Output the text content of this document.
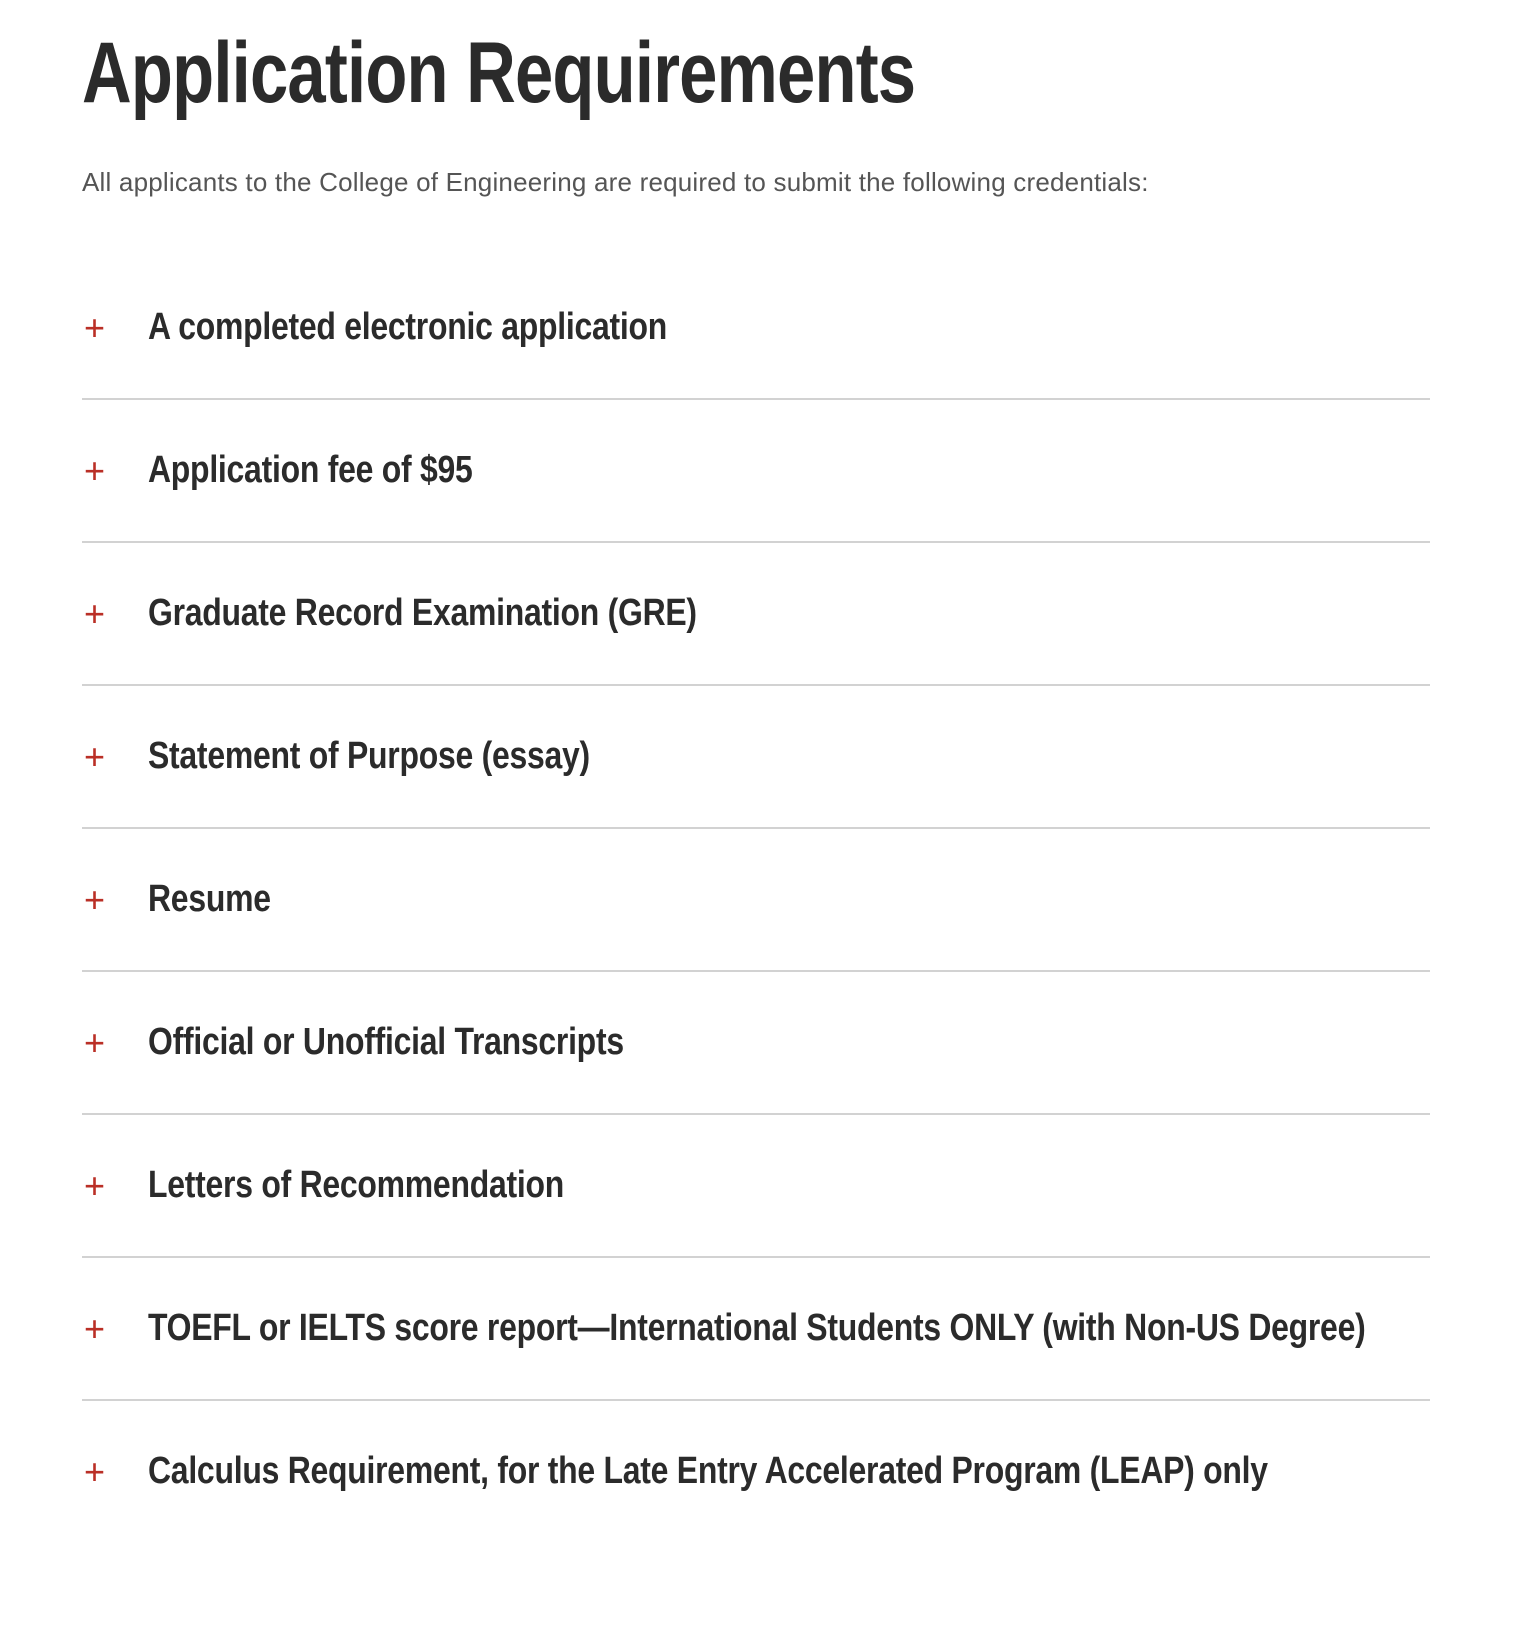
Application Requirements

All applicants to the College of Engineering are required to submit the following credentials:

+	A completed electronic application
+	Application fee of $95
+	Graduate Record Examination (GRE)
+	Statement of Purpose (essay)
+	Resume
+	Official or Unofficial Transcripts
+	Letters of Recommendation
+	TOEFL or IELTS score report—International Students ONLY (with Non-US Degree)
+	Calculus Requirement, for the Late Entry Accelerated Program (LEAP) only
